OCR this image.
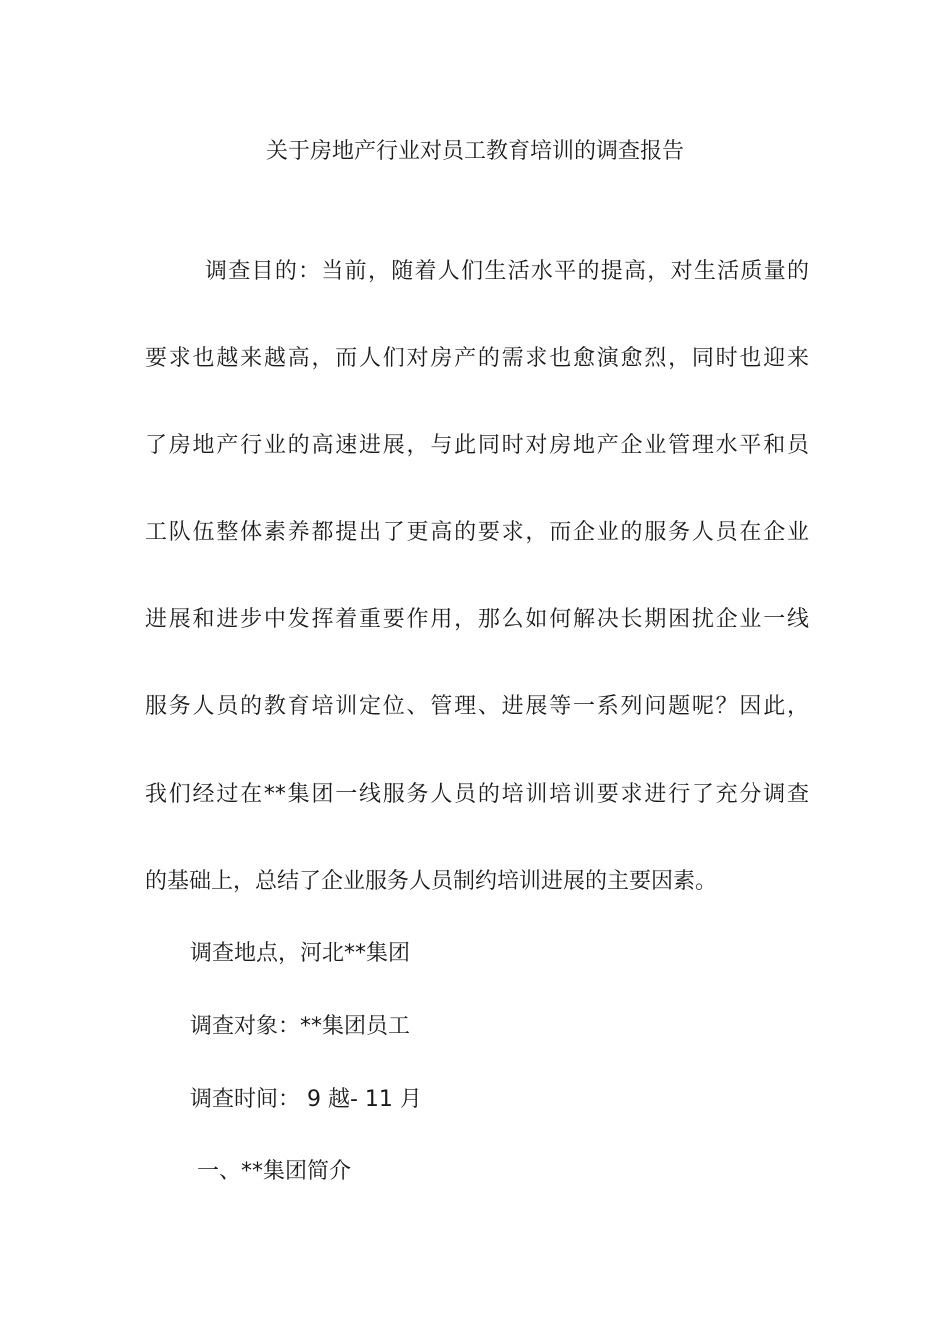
关于房地产行业对员工教育培训的调查报告
调查目的：当前，随着人们生活水平的提高，对生活质量的
要求也越来越高，而人们对房产的需求也愈演愈烈，同时也迎来
了房地产行业的高速进展，与此同时对房地产企业管理水平和员
工队伍整体素养都提出了更高的要求，而企业的服务人员在企业
进展和进步中发挥着重要作用，那么如何解决长期困扰企业一线
服务人员的教育培训定位、管理、进展等一系列问题呢？因此，
我们经过在**集团一线服务人员的培训培训要求进行了充分调查
的基础上，总结了企业服务人员制约培训进展的主要因素。
调查地点，河北**集团
调查对象：**集团员工
调查时间： 9 越- 11 月
一、**集团简介
